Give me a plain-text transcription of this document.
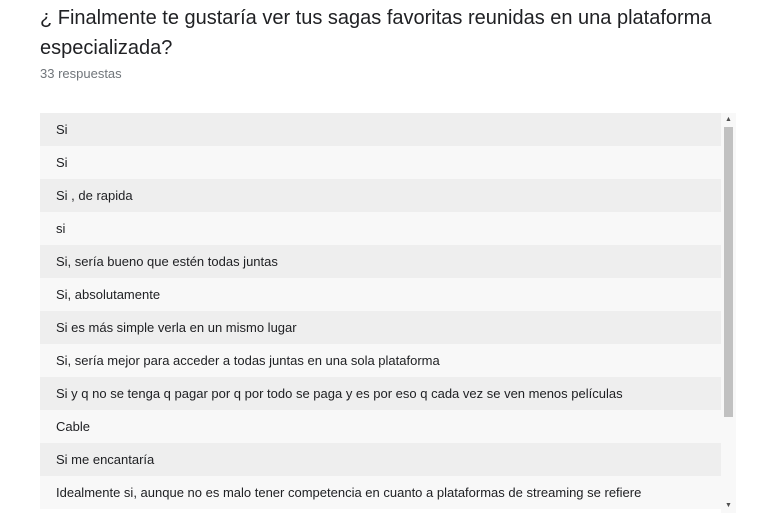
¿ Finalmente te gustaría ver tus sagas favoritas reunidas en una plataforma especializada?
33 respuestas
Si
Si
Si , de rapida
si
Si, sería bueno que estén todas juntas
Si, absolutamente
Si es más simple verla en un mismo lugar
Si, sería mejor para acceder a todas juntas en una sola plataforma
Si y q no se tenga q pagar por q por todo se paga y es por eso q cada vez se ven menos películas
Cable
Si me encantaría
Idealmente si, aunque no es malo tener competencia en cuanto a plataformas de streaming se refiere
▲
▼
